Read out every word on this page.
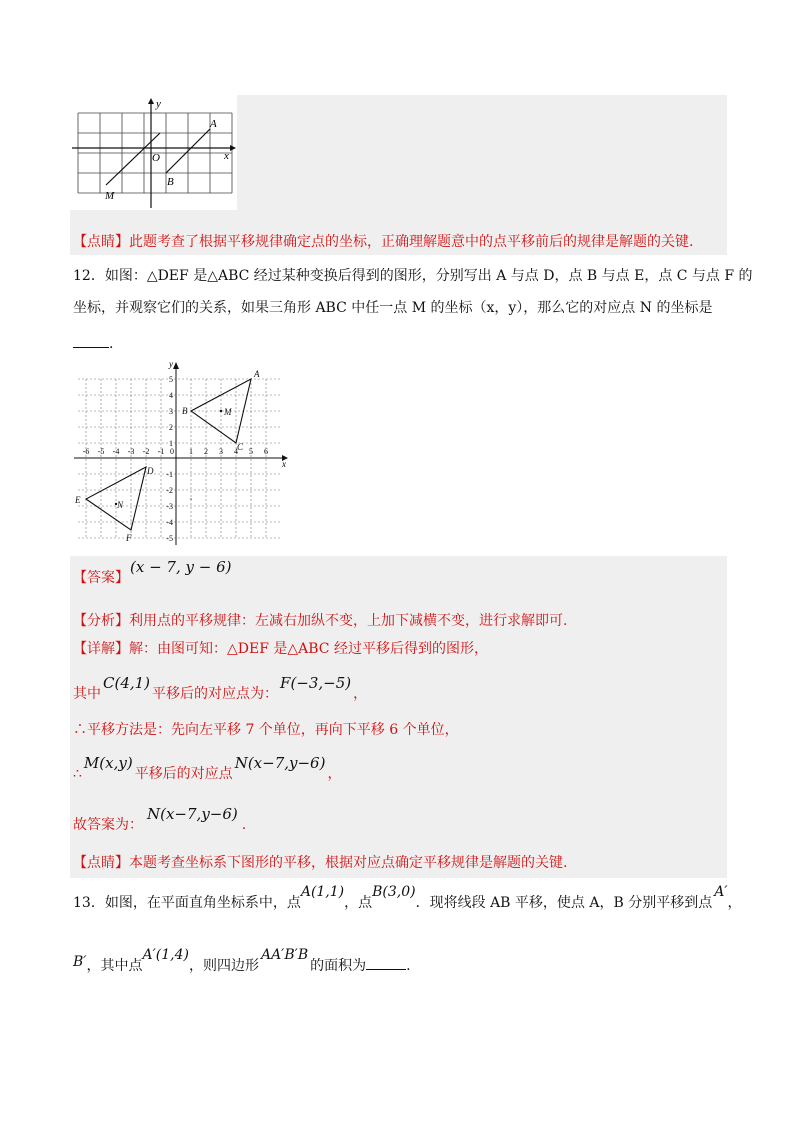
y
x
O
A
B
M
【点睛】此题考查了根据平移规律确定点的坐标，正确理解题意中的点平移前后的规律是解题的关键.
12．如图：△DEF 是△ABC 经过某种变换后得到的图形，分别写出 A 与点 D，点 B 与点 E，点 C 与点 F 的
坐标，并观察它们的关系，如果三角形 ABC 中任一点 M 的坐标（x，y），那么它的对应点 N 的坐标是
.
x
y
-6 -5 -4 -3 -2 -1 0 1 2 3 4 5 6
5
4
3
2
1
-1
-2
-3
-4
-5
A
B	M
C
D
E	N
F
【答案】
(x − 7, y − 6)
【分析】利用点的平移规律：左减右加纵不变，上加下减横不变，进行求解即可.
【详解】解：由图可知：△DEF 是△ABC 经过平移后得到的图形，
其中C(4,1)平移后的对应点为：F(−3,−5)，
∴平移方法是：先向左平移 7 个单位，再向下平移 6 个单位，
∴M(x,y)平移后的对应点N(x−7,y−6)，
故答案为：N(x−7,y−6).
【点睛】本题考查坐标系下图形的平移，根据对应点确定平移规律是解题的关键.
13．如图，在平面直角坐标系中，点A(1,1)，点B(3,0)．现将线段 AB 平移，使点 A，B 分别平移到点A′，
B′，其中点A′(1,4)，则四边形AA′B′B的面积为	.
